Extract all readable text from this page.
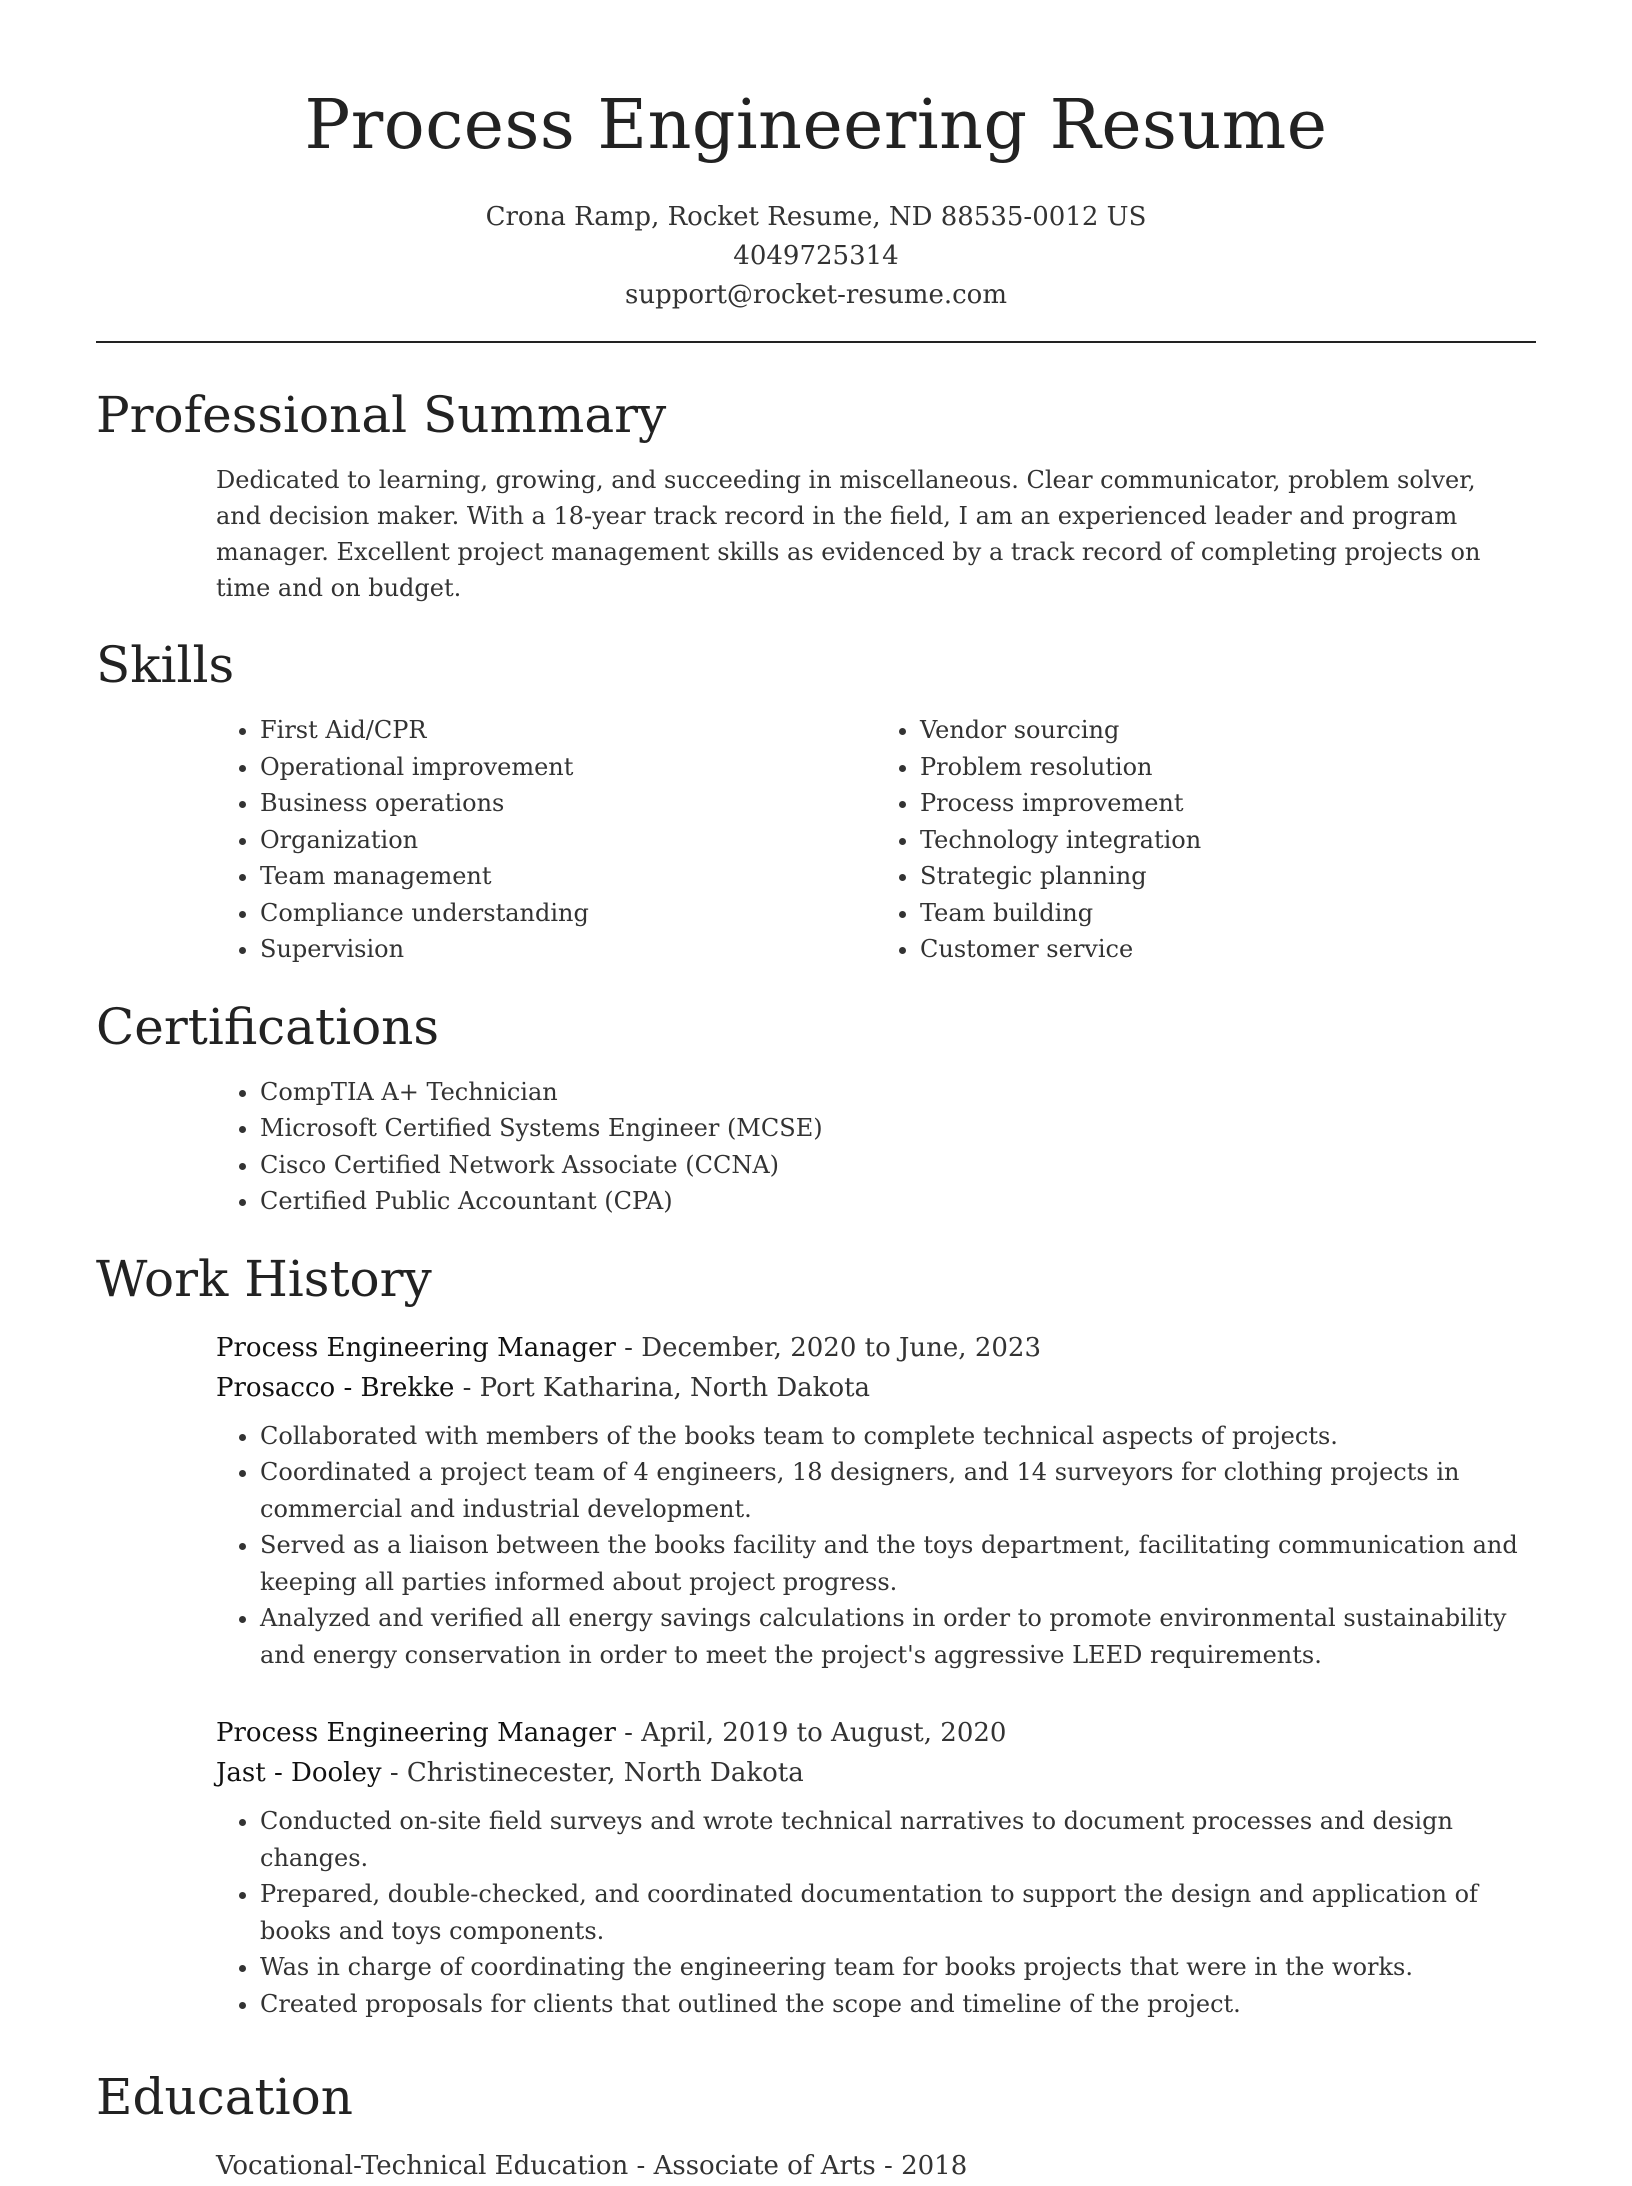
Process Engineering Resume
Crona Ramp, Rocket Resume, ND 88535-0012 US
4049725314
support@rocket-resume.com
Professional Summary

Dedicated to learning, growing, and succeeding in miscellaneous. Clear communicator, problem solver, and decision maker. With a 18-year track record in the field, I am an experienced leader and program manager. Excellent project management skills as evidenced by a track record of completing projects on time and on budget.

Skills
• First Aid/CPR
• Operational improvement
• Business operations
• Organization
• Team management
• Compliance understanding
• Supervision
• Vendor sourcing
• Problem resolution
• Process improvement
• Technology integration
• Strategic planning
• Team building
• Customer service
Certifications
• CompTIA A+ Technician
• Microsoft Certified Systems Engineer (MCSE)
• Cisco Certified Network Associate (CCNA)
• Certified Public Accountant (CPA)
Work History
Process Engineering Manager - December, 2020 to June, 2023
Prosacco - Brekke - Port Katharina, North Dakota
• Collaborated with members of the books team to complete technical aspects of projects.
• Coordinated a project team of 4 engineers, 18 designers, and 14 surveyors for clothing projects in commercial and industrial development.
• Served as a liaison between the books facility and the toys department, facilitating communication and keeping all parties informed about project progress.
• Analyzed and verified all energy savings calculations in order to promote environmental sustainability and energy conservation in order to meet the project's aggressive LEED requirements.
Process Engineering Manager - April, 2019 to August, 2020
Jast - Dooley - Christinecester, North Dakota
• Conducted on-site field surveys and wrote technical narratives to document processes and design changes.
• Prepared, double-checked, and coordinated documentation to support the design and application of books and toys components.
• Was in charge of coordinating the engineering team for books projects that were in the works.
• Created proposals for clients that outlined the scope and timeline of the project.
Education
Vocational-Technical Education - Associate of Arts - 2018
